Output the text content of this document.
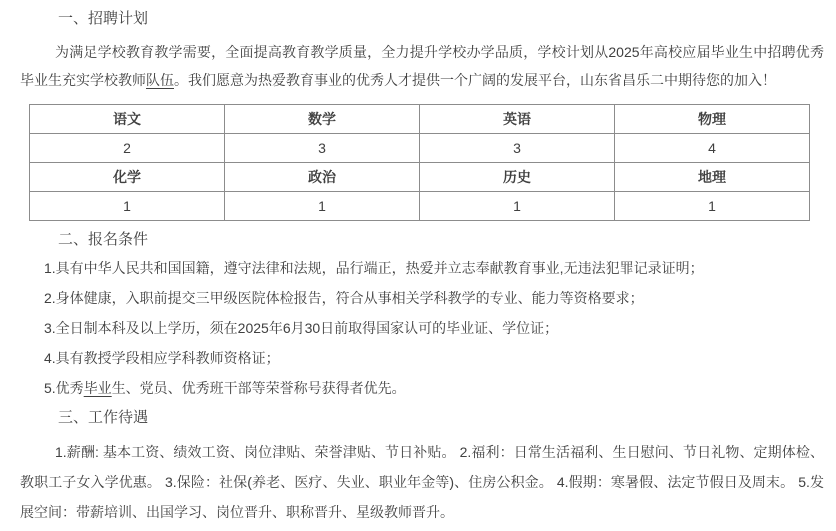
一、招聘计划

为满足学校教育教学需要，全面提高教育教学质量，全力提升学校办学品质，学校计划从2025年高校应届毕业生中招聘优秀毕业生充实学校教师队伍。我们愿意为热爱教育事业的优秀人才提供一个广阔的发展平台，山东省昌乐二中期待您的加入！

语文	数学	英语	物理
2	3	3	4
化学	政治	历史	地理
1	1	1	1

二、报名条件

1.具有中华人民共和国国籍，遵守法律和法规，品行端正，热爱并立志奉献教育事业,无违法犯罪记录证明；

2.身体健康，入职前提交三甲级医院体检报告，符合从事相关学科教学的专业、能力等资格要求；

3.全日制本科及以上学历，须在2025年6月30日前取得国家认可的毕业证、学位证；

4.具有教授学段相应学科教师资格证；

5.优秀毕业生、党员、优秀班干部等荣誉称号获得者优先。

三、工作待遇

1.薪酬: 基本工资、绩效工资、岗位津贴、荣誉津贴、节日补贴。 2.福利：日常生活福利、生日慰问、节日礼物、定期体检、教职工子女入学优惠。 3.保险：社保(养老、医疗、失业、职业年金等)、住房公积金。 4.假期：寒暑假、法定节假日及周末。 5.发展空间：带薪培训、出国学习、岗位晋升、职称晋升、星级教师晋升。
